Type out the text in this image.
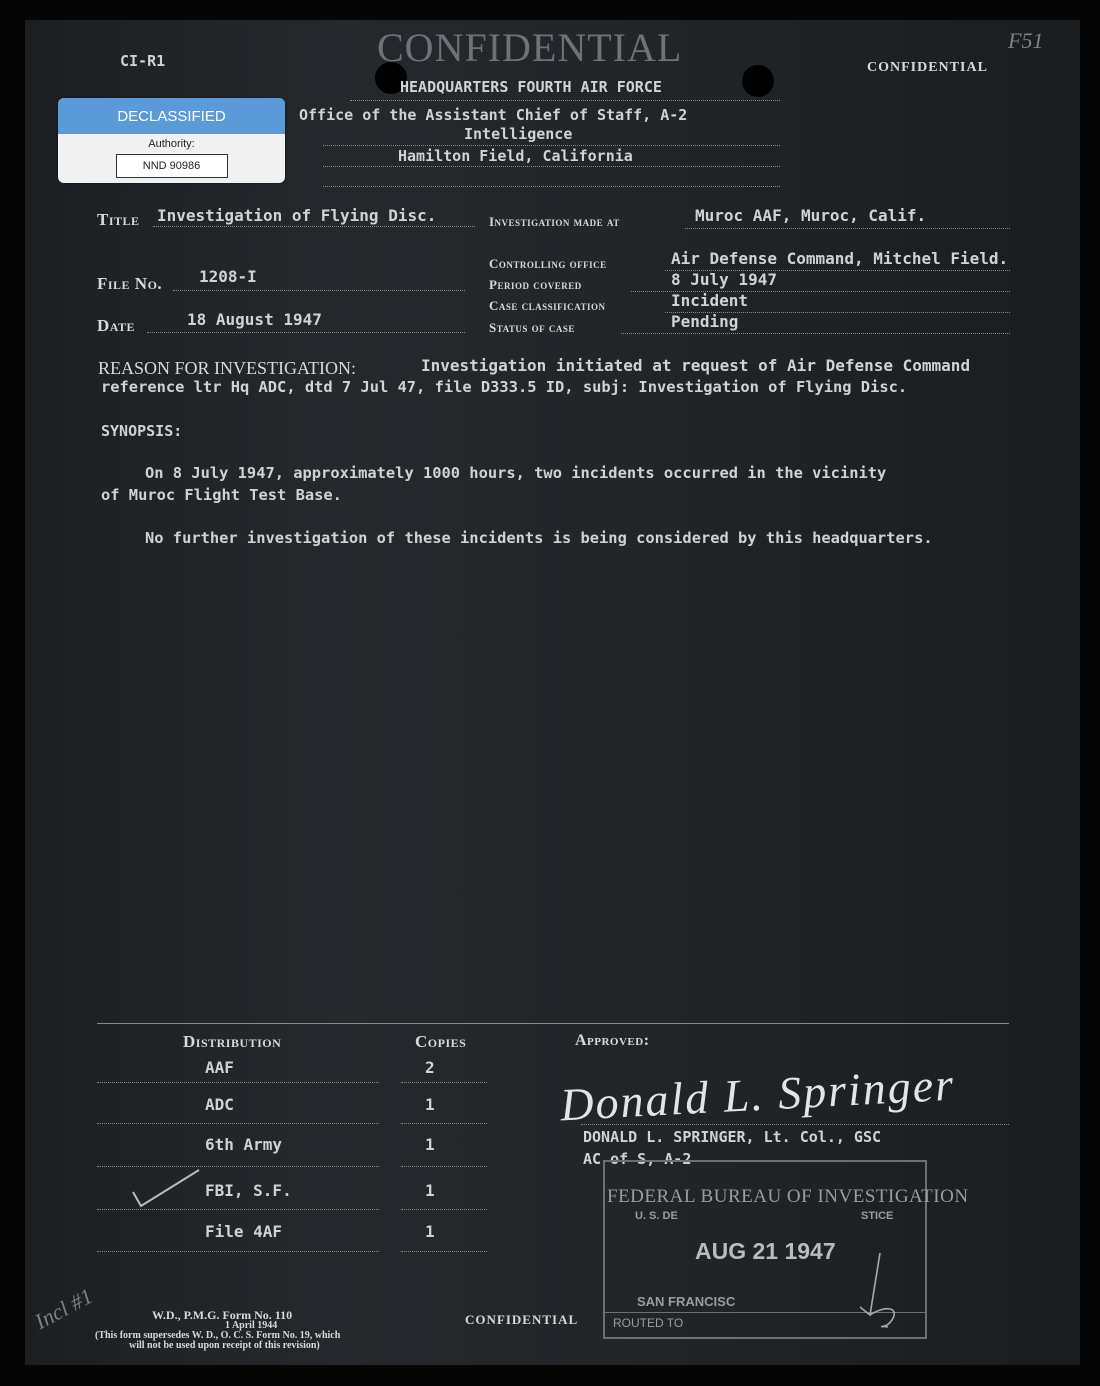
CI-R1
F51
CONFIDENTIAL	CONFIDENTIAL
HEADQUARTERS FOURTH AIR FORCE
Office of the Assistant Chief of Staff, A-2
Intelligence
Hamilton Field, California
DECLASSIFIED
Authority:
NND 90986
Title Investigation of Flying Disc.
File No. 1208-I
Date	18 August 1947
Investigation made at	Muroc AAF, Muroc, Calif.
Controlling office	Air Defense Command, Mitchel Field.
Period covered	8 July 1947
Case classification	Incident
Status of case	Pending
REASON FOR INVESTIGATION:	Investigation initiated at request of Air Defense Command
reference ltr Hq ADC, dtd 7 Jul 47, file D333.5 ID, subj: Investigation of Flying Disc.
SYNOPSIS:
On 8 July 1947, approximately 1000 hours, two incidents occurred in the vicinity
of Muroc Flight Test Base.
No further investigation of these incidents is being considered by this headquarters.
Distribution	Copies
AAF	2
ADC	1
6th Army	1
FBI, S.F.	1
File 4AF	1
Approved:
Donald L. Springer
DONALD L. SPRINGER, Lt. Col., GSC
AC of S, A-2
FEDERAL BUREAU OF INVESTIGATION
U. S. DE	STICE
AUG 21 1947
SAN FRANCISC
ROUTED TO
W.D., P.M.G. Form No. 110
1 April 1944
(This form supersedes W. D., O. C. S. Form No. 19, which
will not be used upon receipt of this revision)
CONFIDENTIAL
Incl #1
